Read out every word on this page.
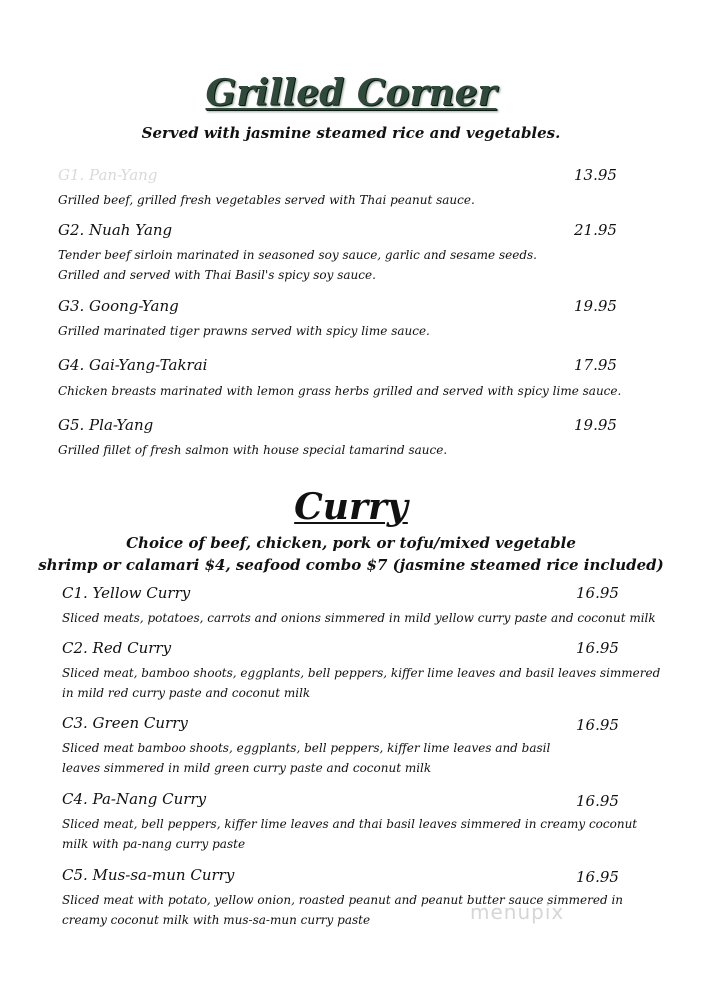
Grilled Corner

Served with jasmine steamed rice and vegetables.

G1. Pan-Yang	13.95

Grilled beef, grilled fresh vegetables served with Thai peanut sauce.

G2. Nuah Yang	21.95

Tender beef sirloin marinated in seasoned soy sauce, garlic and sesame seeds.

Grilled and served with Thai Basil's spicy soy sauce.

G3. Goong-Yang	19.95

Grilled marinated tiger prawns served with spicy lime sauce.

G4. Gai-Yang-Takrai	17.95

Chicken breasts marinated with lemon grass herbs grilled and served with spicy lime sauce.

G5. Pla-Yang	19.95

Grilled fillet of fresh salmon with house special tamarind sauce.

Curry

Choice of beef, chicken, pork or tofu/mixed vegetable

shrimp or calamari $4, seafood combo $7 (jasmine steamed rice included)

C1. Yellow Curry	16.95

Sliced meats, potatoes, carrots and onions simmered in mild yellow curry paste and coconut milk

C2. Red Curry	16.95

Sliced meat, bamboo shoots, eggplants, bell peppers, kiffer lime leaves and basil leaves simmered

in mild red curry paste and coconut milk

C3. Green Curry	16.95

Sliced meat bamboo shoots, eggplants, bell peppers, kiffer lime leaves and basil

leaves simmered in mild green curry paste and coconut milk

C4. Pa-Nang Curry	16.95

Sliced meat, bell peppers, kiffer lime leaves and thai basil leaves simmered in creamy coconut

milk with pa-nang curry paste

C5. Mus-sa-mun Curry	16.95

Sliced meat with potato, yellow onion, roasted peanut and peanut butter sauce simmered in

creamy coconut milk with mus-sa-mun curry paste	menupix
